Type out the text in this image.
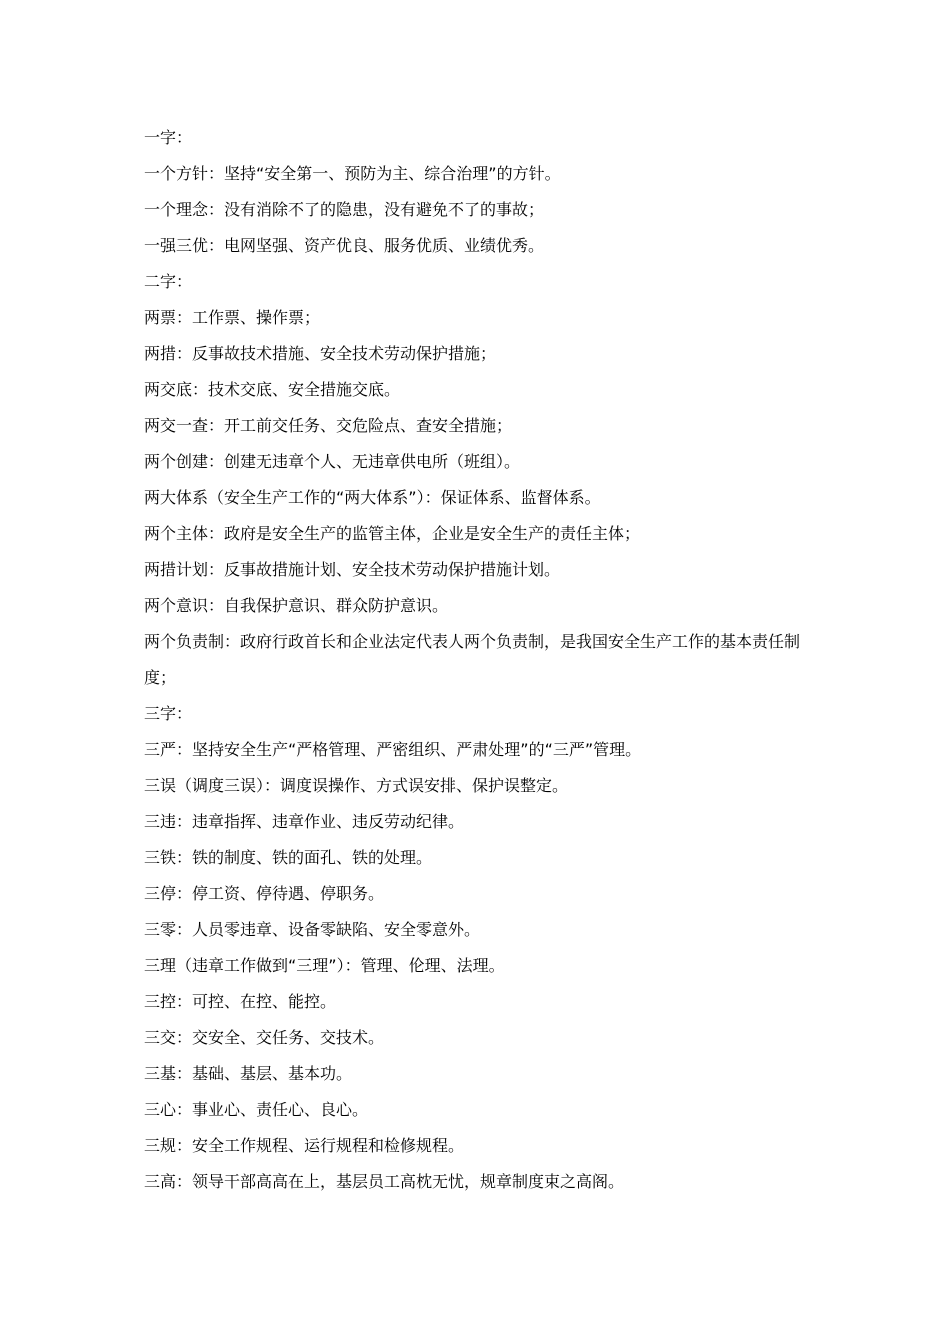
一字：

一个方针：坚持“安全第一、预防为主、综合治理”的方针。

一个理念：没有消除不了的隐患，没有避免不了的事故；

一强三优：电网坚强、资产优良、服务优质、业绩优秀。

二字：

两票：工作票、操作票；

两措：反事故技术措施、安全技术劳动保护措施；

两交底：技术交底、安全措施交底。

两交一查：开工前交任务、交危险点、查安全措施；

两个创建：创建无违章个人、无违章供电所（班组）。

两大体系（安全生产工作的“两大体系”）：保证体系、监督体系。

两个主体：政府是安全生产的监管主体，企业是安全生产的责任主体；

两措计划：反事故措施计划、安全技术劳动保护措施计划。

两个意识：自我保护意识、群众防护意识。

两个负责制：政府行政首长和企业法定代表人两个负责制，是我国安全生产工作的基本责任制度；

三字：

三严：坚持安全生产“严格管理、严密组织、严肃处理”的“三严”管理。

三误（调度三误）：调度误操作、方式误安排、保护误整定。

三违：违章指挥、违章作业、违反劳动纪律。

三铁：铁的制度、铁的面孔、铁的处理。

三停：停工资、停待遇、停职务。

三零：人员零违章、设备零缺陷、安全零意外。

三理（违章工作做到“三理”）：管理、伦理、法理。

三控：可控、在控、能控。

三交：交安全、交任务、交技术。

三基：基础、基层、基本功。

三心：事业心、责任心、良心。

三规：安全工作规程、运行规程和检修规程。

三高：领导干部高高在上，基层员工高枕无忧，规章制度束之高阁。
